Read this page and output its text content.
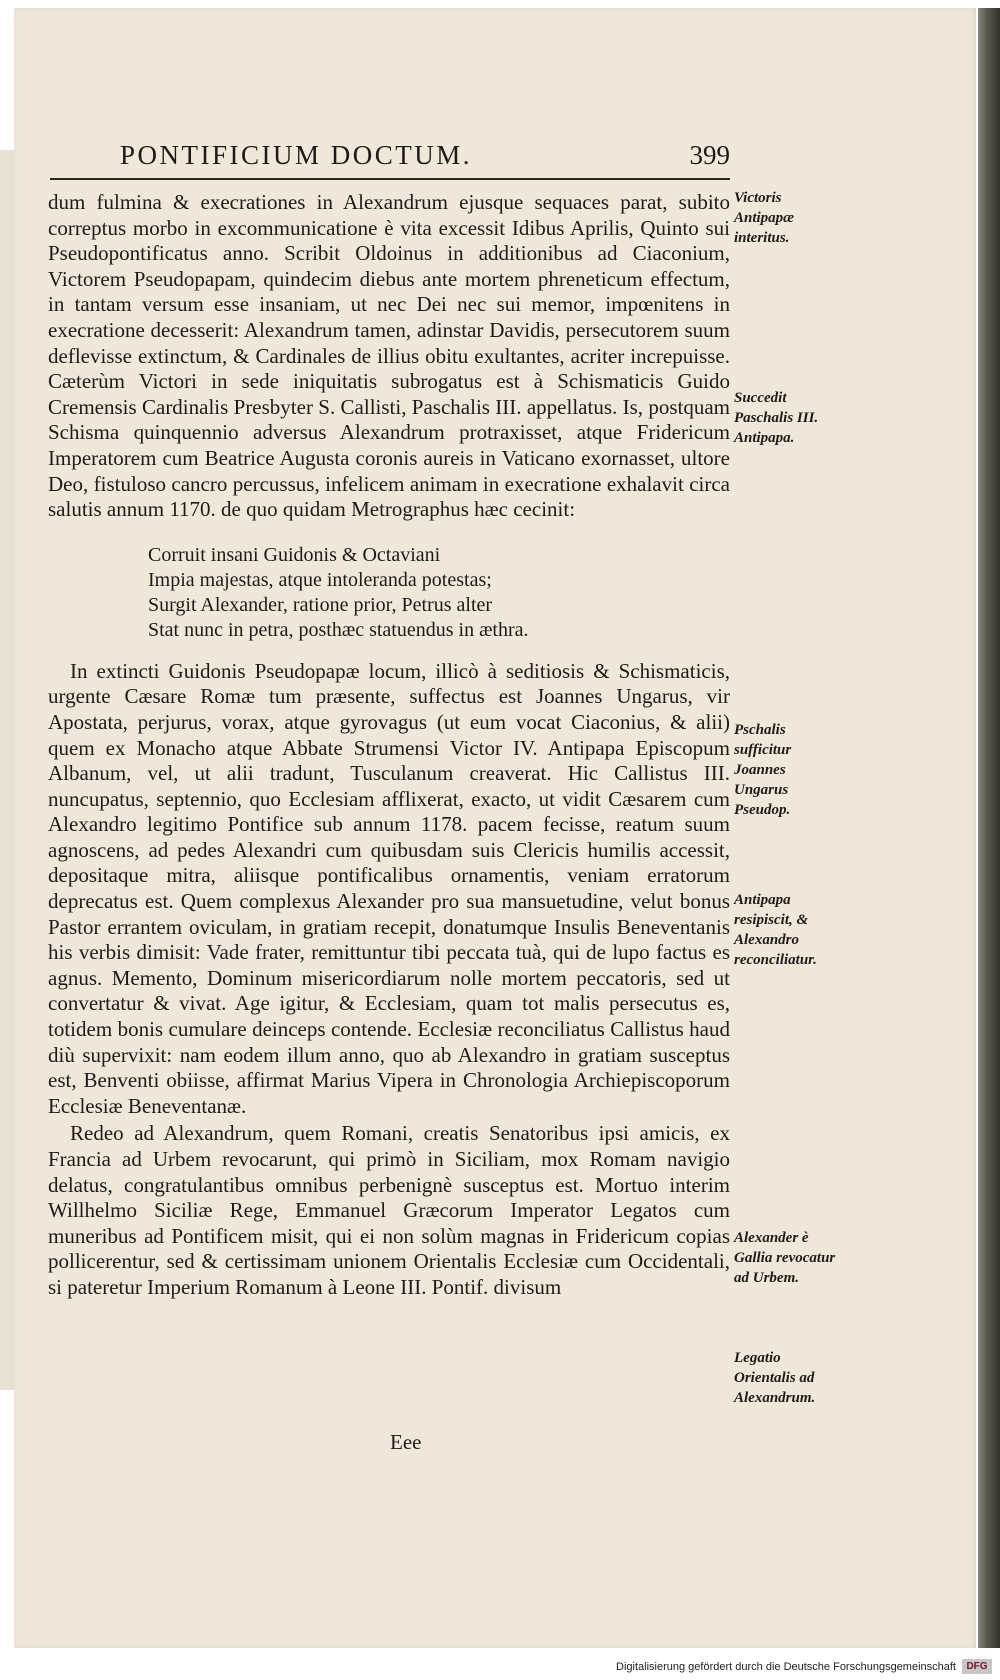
PONTIFICIUM DOCTUM.	399

dum fulmina & execrationes in Alexandrum ejusque sequaces parat, subito correptus morbo in excommunicatione è vita excessit Idibus Aprilis, Quinto sui Pseudopontificatus anno. Scribit Oldoinus in additionibus ad Ciaconium, Victorem Pseudopapam, quindecim diebus ante mortem phreneticum effectum, in tantam versum esse insaniam, ut nec Dei nec sui memor, impœnitens in execratione decesserit: Alexandrum tamen, adinstar Davidis, persecutorem suum deflevisse extinctum, & Cardinales de illius obitu exultantes, acriter increpuisse. Cæterùm Victori in sede iniquitatis subrogatus est à Schismaticis Guido Cremensis Cardinalis Presbyter S. Callisti, Paschalis III. appellatus. Is, postquam Schisma quinquennio adversus Alexandrum protraxisset, atque Fridericum Imperatorem cum Beatrice Augusta coronis aureis in Vaticano exornasset, ultore Deo, fistuloso cancro percussus, infelicem animam in execratione exhalavit circa salutis annum 1170. de quo quidam Metrographus hæc cecinit:

Corruit insani Guidonis & Octaviani
Impia majestas, atque intoleranda potestas;
Surgit Alexander, ratione prior, Petrus alter
Stat nunc in petra, posthæc statuendus in æthra.

In extincti Guidonis Pseudopapæ locum, illicò à seditiosis & Schismaticis, urgente Cæsare Romæ tum præsente, suffectus est Joannes Ungarus, vir Apostata, perjurus, vorax, atque gyrovagus (ut eum vocat Ciaconius, & alii) quem ex Monacho atque Abbate Strumensi Victor IV. Antipapa Episcopum Albanum, vel, ut alii tradunt, Tusculanum creaverat. Hic Callistus III. nuncupatus, septennio, quo Ecclesiam afflixerat, exacto, ut vidit Cæsarem cum Alexandro legitimo Pontifice sub annum 1178. pacem fecisse, reatum suum agnoscens, ad pedes Alexandri cum quibusdam suis Clericis humilis accessit, depositaque mitra, aliisque pontificalibus ornamentis, veniam erratorum deprecatus est. Quem complexus Alexander pro sua mansuetudine, velut bonus Pastor errantem oviculam, in gratiam recepit, donatumque Insulis Beneventanis his verbis dimisit: Vade frater, remittuntur tibi peccata tuà, qui de lupo factus es agnus. Memento, Dominum misericordiarum nolle mortem peccatoris, sed ut convertatur & vivat. Age igitur, & Ecclesiam, quam tot malis persecutus es, totidem bonis cumulare deinceps contende. Ecclesiæ reconciliatus Callistus haud diù supervixit: nam eodem illum anno, quo ab Alexandro in gratiam susceptus est, Benventi obiisse, affirmat Marius Vipera in Chronologia Archiepiscoporum Ecclesiæ Beneventanæ.

Redeo ad Alexandrum, quem Romani, creatis Senatoribus ipsi amicis, ex Francia ad Urbem revocarunt, qui primò in Siciliam, mox Romam navigio delatus, congratulantibus omnibus perbenignè susceptus est. Mortuo interim Willhelmo Siciliæ Rege, Emmanuel Græcorum Imperator Legatos cum muneribus ad Pontificem misit, qui ei non solùm magnas in Fridericum copias pollicerentur, sed & certissimam unionem Orientalis Ecclesiæ cum Occidentali, si pateretur Imperium Romanum à Leone III. Pontif. divisum

Victoris Antipapæ interitus.
Succedit Paschalis III. Antipapa.
Pschalis sufficitur Joannes Ungarus Pseudop.
Antipapa resipiscit, & Alexandro reconciliatur.
Alexander è Gallia revocatur ad Urbem.
Legatio Orientalis ad Alexandrum.
Eee
Digitalisierung gefördert durch die Deutsche Forschungsgemeinschaft	DFG
